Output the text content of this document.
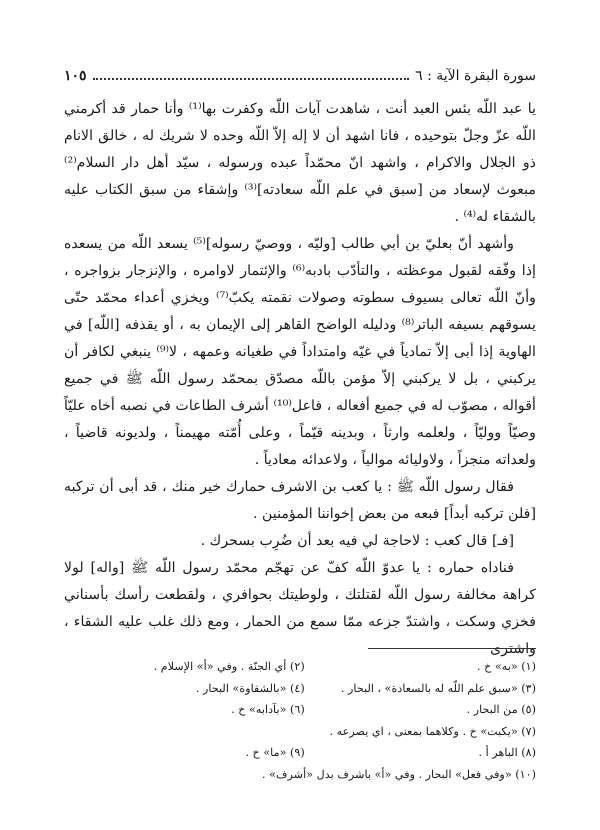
سورة البقرة الآية : ٦
١٠٥

يا عبد اللّه بئس العبد أنت ، شاهدت آيات اللّه وكفرت بها⁽¹⁾ وأنا حمار قد أكرمني اللّه عزّ وجلّ بتوحيده ، فانا اشهد أن لا إله إلاّ اللّه وحده لا شريك له ، خالق الانام ذو الجلال والاكرام ، واشهد انّ محمّداً عبده ورسوله ، سيّد أهل دار السلام⁽²⁾ مبعوث لإسعاد من [سبق في علم اللّه سعادته]⁽³⁾ وإشقاء من سبق الكتاب عليه بالشقاء له⁽⁴⁾ .

وأشهد أنّ بعليّ بن أبي طالب [وليّه ، ووصيّ رسوله]⁽⁵⁾ يسعد اللّه من يسعده إذا وفّقه لقبول موعظته ، والتأدّب بادبه⁽⁶⁾ والإئتمار لاوامره ، والإنزجار بزواجره ، وأنّ اللّه تعالى بسيوف سطوته وصولات نقمته يكبّ⁽⁷⁾ ويخزي أعداء محمّد حتّى يسوقهم بسيفه الباتر⁽⁸⁾ ودليله الواضح القاهر إلى الإيمان به ، أو يقذفه [اللّه] في الهاوية إذا أبى إلاّ تمادياً في غيّه وامتداداً في طغيانه وعمهه ، لا⁽⁹⁾ ينبغي لكافر أن يركبني ، بل لا يركبني إلاّ مؤمن باللّه مصدّق بمحمّد رسول اللّه ﷺ في جميع أقواله ، مصوّب له في جميع أفعاله ، فاعل⁽¹⁰⁾ أشرف الطاعات في نصبه أخاه عليّاً وصيّاً ووليّاً ، ولعلمه وارثاً ، وبدينه قيّماً ، وعلى أُمّته مهيمناً ، ولديونه قاضياً ، ولعداته منجزاً ، ولاوليائه موالياً ، ولاعدائه معادياً .

فقال رسول اللّه ﷺ : يا كعب بن الاشرف حمارك خير منك ، قد أبى أن تركبه [فلن تركبه أبداً] فبعه من بعض إخواننا المؤمنين .

[فـ] قال كعب : لاحاجة لي فيه بعد أن ضُرِب بسحرك .

فناداه حماره : يا عدوّ اللّه كفّ عن تهجّم محمّد رسول اللّه ﷺ [واله] لولا كراهة مخالفة رسول اللّه لقتلتك ، ولوطيتك بحوافري ، ولقطعت رأسك بأسناني فخزي وسكت ، واشتدّ جزعه ممّا سمع من الحمار ، ومع ذلك غلب عليه الشقاء ، واشترى

(١) «به» خ .
(٢) أي الجنّة . وفي «أ» الإسلام .
(٣) «سبق علم اللّه له بالسعادة» ، البحار .
(٤) «بالشقاوة» البحار .
(٥) من البحار .
(٦) «بآدابه» خ .
(٧) «يكبت» خ . وكلاهما بمعنى ، اي يصرعه .
(٨) الباهر أ .
(٩) «ما» خ .
(١٠) «وفي فعل» البحار . وفي «أ» باشرف بدل «أشرف» .
